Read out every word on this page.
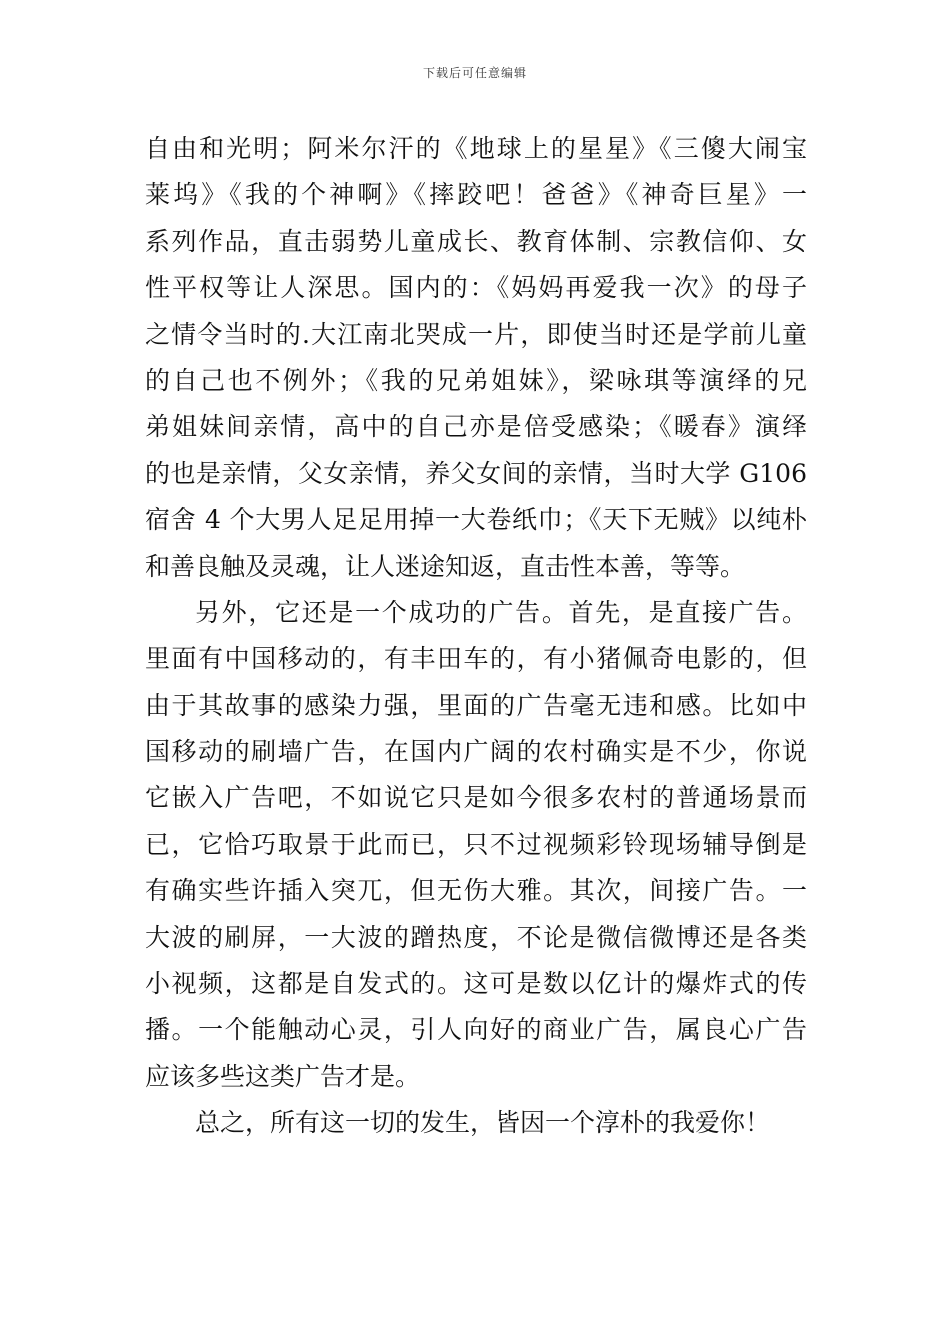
下载后可任意编辑
自由和光明；阿米尔汗的《地球上的星星》《三傻大闹宝
莱坞》《我的个神啊》《摔跤吧！爸爸》《神奇巨星》一
系列作品，直击弱势儿童成长、教育体制、宗教信仰、女
性平权等让人深思。国内的：《妈妈再爱我一次》的母子
之情令当时的.大江南北哭成一片，即使当时还是学前儿童
的自己也不例外；《我的兄弟姐妹》，梁咏琪等演绎的兄
弟姐妹间亲情，高中的自己亦是倍受感染；《暖春》演绎
的也是亲情，父女亲情，养父女间的亲情，当时大学 G106
宿舍 4 个大男人足足用掉一大卷纸巾；《天下无贼》以纯朴
和善良触及灵魂，让人迷途知返，直击性本善，等等。
另外，它还是一个成功的广告。首先，是直接广告。
里面有中国移动的，有丰田车的，有小猪佩奇电影的，但
由于其故事的感染力强，里面的广告毫无违和感。比如中
国移动的刷墙广告，在国内广阔的农村确实是不少，你说
它嵌入广告吧，不如说它只是如今很多农村的普通场景而
已，它恰巧取景于此而已，只不过视频彩铃现场辅导倒是
有确实些许插入突兀，但无伤大雅。其次，间接广告。一
大波的刷屏，一大波的蹭热度，不论是微信微博还是各类
小视频，这都是自发式的。这可是数以亿计的爆炸式的传
播。一个能触动心灵，引人向好的商业广告，属良心广告
应该多些这类广告才是。
总之，所有这一切的发生，皆因一个淳朴的我爱你！
